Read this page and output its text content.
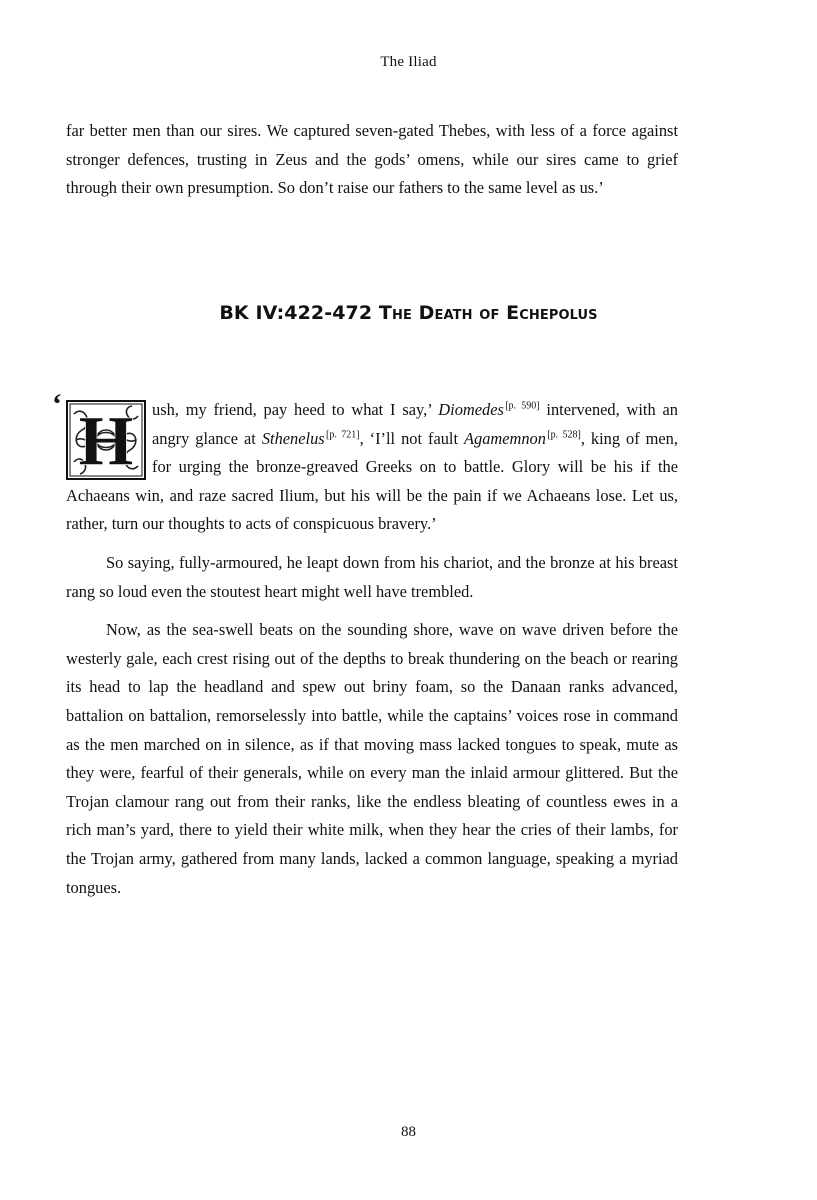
The Iliad

far better men than our sires. We captured seven-gated Thebes, with less of a force against stronger defences, trusting in Zeus and the gods’ omens, while our sires came to grief through their own presumption. So don’t raise our fathers to the same level as us.’

BK IV:422-472 The Death of Echepolus

‘ H ush, my friend, pay heed to what I say,’ Diomedes [p. 590] intervened, with an angry glance at Sthenelus [p. 721], ‘I’ll not fault Agamemnon [p. 528], king of men, for urging the bronze-greaved Greeks on to battle. Glory will be his if the Achaeans win, and raze sacred Ilium, but his will be the pain if we Achaeans lose. Let us, rather, turn our thoughts to acts of conspicuous bravery.’

So saying, fully-armoured, he leapt down from his chariot, and the bronze at his breast rang so loud even the stoutest heart might well have trembled.

Now, as the sea-swell beats on the sounding shore, wave on wave driven before the westerly gale, each crest rising out of the depths to break thundering on the beach or rearing its head to lap the headland and spew out briny foam, so the Danaan ranks advanced, battalion on battalion, remorselessly into battle, while the captains’ voices rose in command as the men marched on in silence, as if that moving mass lacked tongues to speak, mute as they were, fearful of their generals, while on every man the inlaid armour glittered. But the Trojan clamour rang out from their ranks, like the endless bleating of countless ewes in a rich man’s yard, there to yield their white milk, when they hear the cries of their lambs, for the Trojan army, gathered from many lands, lacked a common language, speaking a myriad tongues.

88
